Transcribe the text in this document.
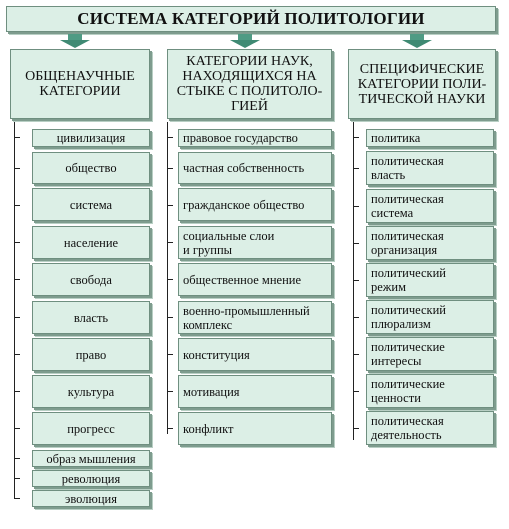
СИСТЕМА КАТЕГОРИЙ ПОЛИТОЛОГИИ
ОБЩЕНАУЧНЫЕ КАТЕГОРИИ
КАТЕГОРИИ НАУК, НАХОДЯЩИХСЯ НА СТЫКЕ С ПОЛИТОЛО-ГИЕЙ
СПЕЦИФИЧЕСКИЕ КАТЕГОРИИ ПОЛИ-ТИЧЕСКОЙ НАУКИ
цивилизация
общество
система
население
свобода
власть
право
культура
прогресс
образ мышления
революция
эволюция
правовое государство
частная собственность
гражданское общество
социальные слои и группы
общественное мнение
военно-промышленный комплекс
конституция
мотивация
конфликт
политика
политическая власть
политическая система
политическая организация
политический режим
политический плюрализм
политические интересы
политические ценности
политическая деятельность
